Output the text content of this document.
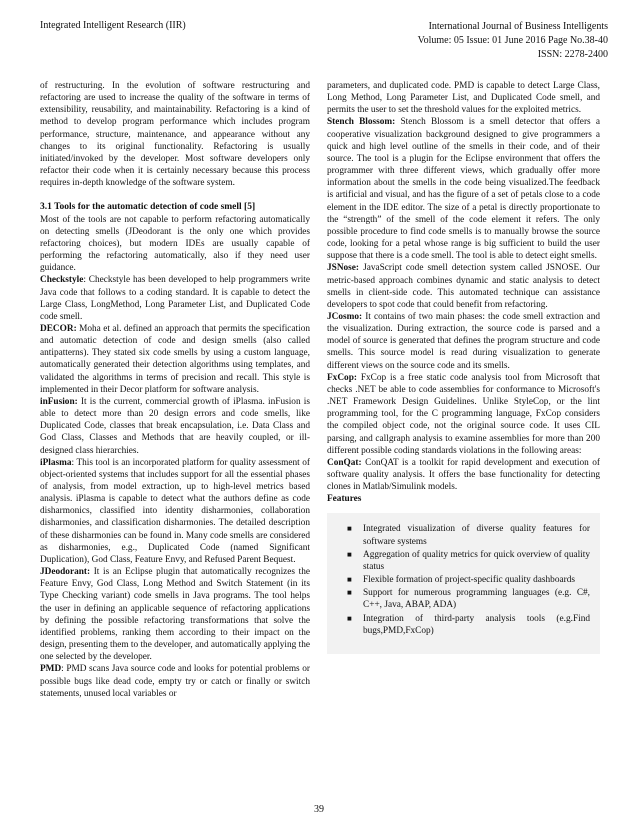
Integrated Intelligent Research (IIR)	International Journal of Business Intelligents
Volume: 05 Issue: 01 June 2016 Page No.38-40
ISSN: 2278-2400

of restructuring. In the evolution of software restructuring and refactoring are used to increase the quality of the software in terms of extensibility, reusability, and maintainability. Refactoring is a kind of method to develop program performance which includes program performance, structure, maintenance, and appearance without any changes to its original functionality. Refactoring is usually initiated/invoked by the developer. Most software developers only refactor their code when it is certainly necessary because this process requires in-depth knowledge of the software system.

3.1 Tools for the automatic detection of code smell [5]

Most of the tools are not capable to perform refactoring automatically on detecting smells (JDeodorant is the only one which provides refactoring choices), but modern IDEs are usually capable of performing the refactoring automatically, also if they need user guidance.

Checkstyle: Checkstyle has been developed to help programmers write Java code that follows to a coding standard. It is capable to detect the Large Class, LongMethod, Long Parameter List, and Duplicated Code code smell.

DECOR: Moha et al. defined an approach that permits the specification and automatic detection of code and design smells (also called antipatterns). They stated six code smells by using a custom language, automatically generated their detection algorithms using templates, and validated the algorithms in terms of precision and recall. This style is implemented in their Decor platform for software analysis.

inFusion: It is the current, commercial growth of iPlasma. inFusion is able to detect more than 20 design errors and code smells, like Duplicated Code, classes that break encapsulation, i.e. Data Class and God Class, Classes and Methods that are heavily coupled, or ill-designed class hierarchies.

iPlasma: This tool is an incorporated platform for quality assessment of object-oriented systems that includes support for all the essential phases of analysis, from model extraction, up to high-level metrics based analysis. iPlasma is capable to detect what the authors define as code disharmonics, classified into identity disharmonies, collaboration disharmonies, and classification disharmonies. The detailed description of these disharmonies can be found in. Many code smells are considered as disharmonies, e.g., Duplicated Code (named Significant Duplication), God Class, Feature Envy, and Refused Parent Bequest.

JDeodorant: It is an Eclipse plugin that automatically recognizes the Feature Envy, God Class, Long Method and Switch Statement (in its Type Checking variant) code smells in Java programs. The tool helps the user in defining an applicable sequence of refactoring applications by defining the possible refactoring transformations that solve the identified problems, ranking them according to their impact on the design, presenting them to the developer, and automatically applying the one selected by the developer.

PMD: PMD scans Java source code and looks for potential problems or possible bugs like dead code, empty try or catch or finally or switch statements, unused local variables or

parameters, and duplicated code. PMD is capable to detect Large Class, Long Method, Long Parameter List, and Duplicated Code smell, and permits the user to set the threshold values for the exploited metrics.

Stench Blossom: Stench Blossom is a smell detector that offers a cooperative visualization background designed to give programmers a quick and high level outline of the smells in their code, and of their source. The tool is a plugin for the Eclipse environment that offers the programmer with three different views, which gradually offer more information about the smells in the code being visualized.The feedback is artificial and visual, and has the figure of a set of petals close to a code element in the IDE editor. The size of a petal is directly proportionate to the “strength” of the smell of the code element it refers. The only possible procedure to find code smells is to manually browse the source code, looking for a petal whose range is big sufficient to build the user suppose that there is a code smell. The tool is able to detect eight smells.

JSNose: JavaScript code smell detection system called JSNOSE. Our metric-based approach combines dynamic and static analysis to detect smells in client-side code. This automated technique can assistance developers to spot code that could benefit from refactoring.

JCosmo: It contains of two main phases: the code smell extraction and the visualization. During extraction, the source code is parsed and a model of source is generated that defines the program structure and code smells. This source model is read during visualization to generate different views on the source code and its smells.

FxCop: FxCop is a free static code analysis tool from Microsoft that checks .NET be able to code assemblies for conformance to Microsoft's .NET Framework Design Guidelines. Unlike StyleCop, or the lint programming tool, for the C programming language, FxCop considers the compiled object code, not the original source code. It uses CIL parsing, and callgraph analysis to examine assemblies for more than 200 different possible coding standards violations in the following areas:

ConQat: ConQAT is a toolkit for rapid development and execution of software quality analysis. It offers the base functionality for detecting clones in Matlab/Simulink models.

Features

■ Integrated visualization of diverse quality features for software systems
■ Aggregation of quality metrics for quick overview of quality status
■ Flexible formation of project-specific quality dashboards
■ Support for numerous programming languages (e.g. C#, C++, Java, ABAP, ADA)
■ Integration of third-party analysis tools (e.g.Find bugs,PMD,FxCop)
39
